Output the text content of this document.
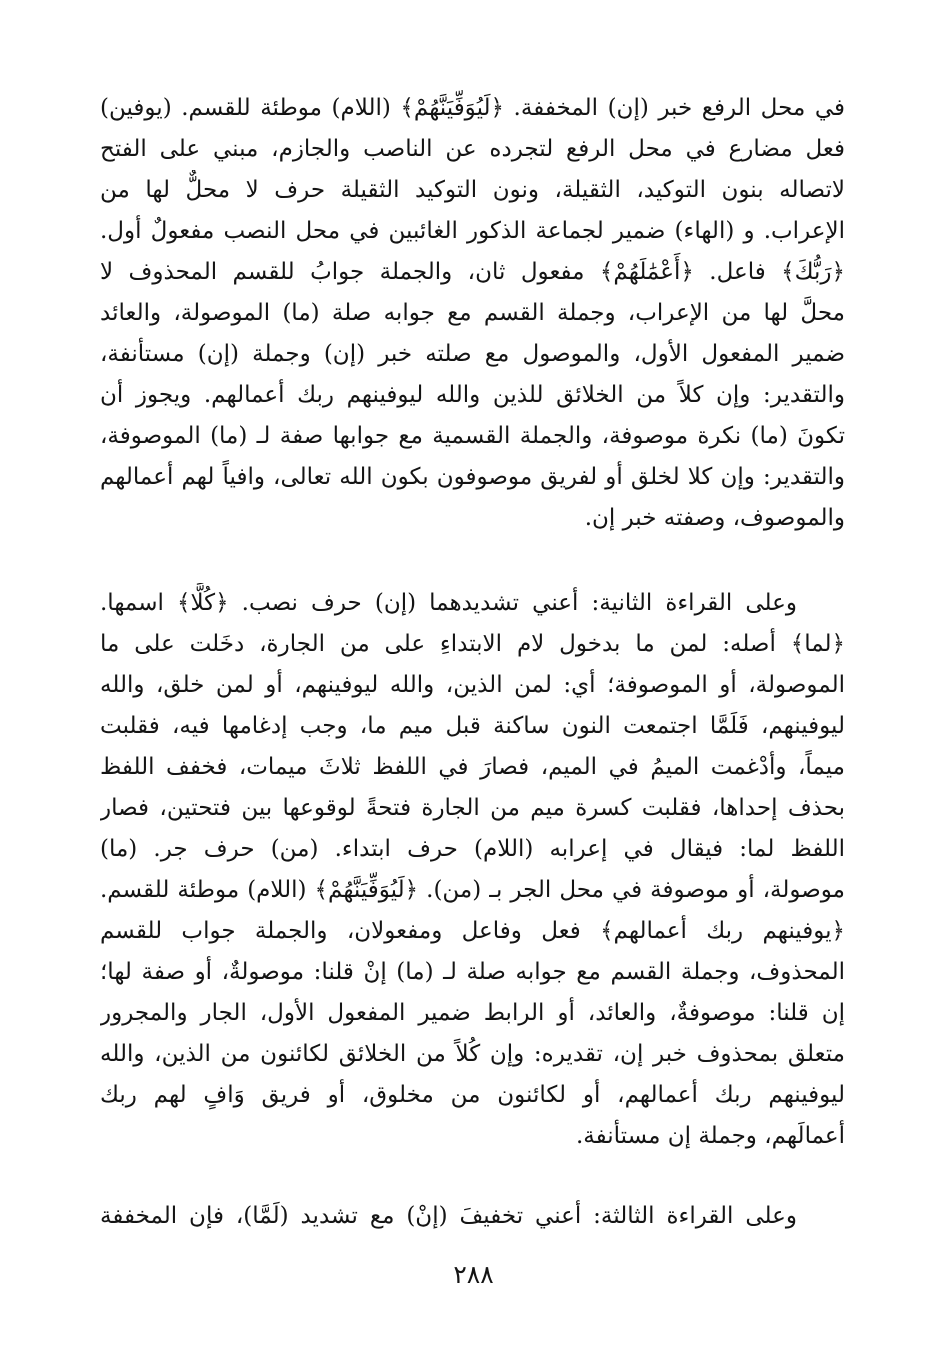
في محل الرفع خبر (إن) المخففة. ﴿لَيُوَفِّيَنَّهُمْ﴾ (اللام) موطئة للقسم. (يوفين)
فعل مضارع في محل الرفع لتجرده عن الناصب والجازم، مبني على الفتح
لاتصاله بنون التوكيد، الثقيلة، ونون التوكيد الثقيلة حرف لا محلٌّ لها من
الإعراب. و (الهاء) ضمير لجماعة الذكور الغائبين في محل النصب مفعولٌ أول.
﴿رَبُّكَ﴾ فاعل. ﴿أَعْمَٰلَهُمْ﴾ مفعول ثان، والجملة جوابُ للقسم المحذوف لا
محلَّ لها من الإعراب، وجملة القسم مع جوابه صلة (ما) الموصولة، والعائد
ضمير المفعول الأول، والموصول مع صلته خبر (إن) وجملة (إن) مستأنفة،
والتقدير: وإن كلاً من الخلائق للذين والله ليوفينهم ربك أعمالهم. ويجوز أن
تكونَ (ما) نكرة موصوفة، والجملة القسمية مع جوابها صفة لـ (ما) الموصوفة،
والتقدير: وإن كلا لخلق أو لفريق موصوفون بكون الله تعالى، وافياً لهم أعمالهم
والموصوف، وصفته خبر إن.
وعلى القراءة الثانية: أعني تشديدهما (إن) حرف نصب. ﴿كُلًّا﴾ اسمها.
﴿لما﴾ أصله: لمن ما بدخول لام الابتداءِ على من الجارة، دخَلت على ما
الموصولة، أو الموصوفة؛ أي: لمن الذين، والله ليوفينهم، أو لمن خلق، والله
ليوفينهم، فَلَمَّا اجتمعت النون ساكنة قبل ميم ما، وجب إدغامها فيه، فقلبت
ميماً، وأدْغمت الميمُ في الميم، فصارَ في اللفظ ثلاثَ ميمات، فخفف اللفظ
بحذف إحداها، فقلبت كسرة ميم من الجارة فتحةً لوقوعها بين فتحتين، فصار
اللفظ لما: فيقال في إعرابه (اللام) حرف ابتداء. (من) حرف جر. (ما)
موصولة، أو موصوفة في محل الجر بـ (من). ﴿لَيُوَفِّيَنَّهُمْ﴾ (اللام) موطئة للقسم.
﴿يوفينهم ربك أعمالهم﴾ فعل وفاعل ومفعولان، والجملة جواب للقسم
المحذوف، وجملة القسم مع جوابه صلة لـ (ما) إنْ قلنا: موصولةٌ، أو صفة لها؛
إن قلنا: موصوفةٌ، والعائد، أو الرابط ضمير المفعول الأول، الجار والمجرور
متعلق بمحذوف خبر إن، تقديره: وإن كُلاً من الخلائق لكائنون من الذين، والله
ليوفينهم ربك أعمالهم، أو لكائنون من مخلوق، أو فريق وَافٍ لهم ربك
أعمالَهم، وجملة إن مستأنفة.
وعلى القراءة الثالثة: أعني تخفيفَ (إنْ) مع تشديد (لَمَّا)، فإن المخففة
٢٨٨
